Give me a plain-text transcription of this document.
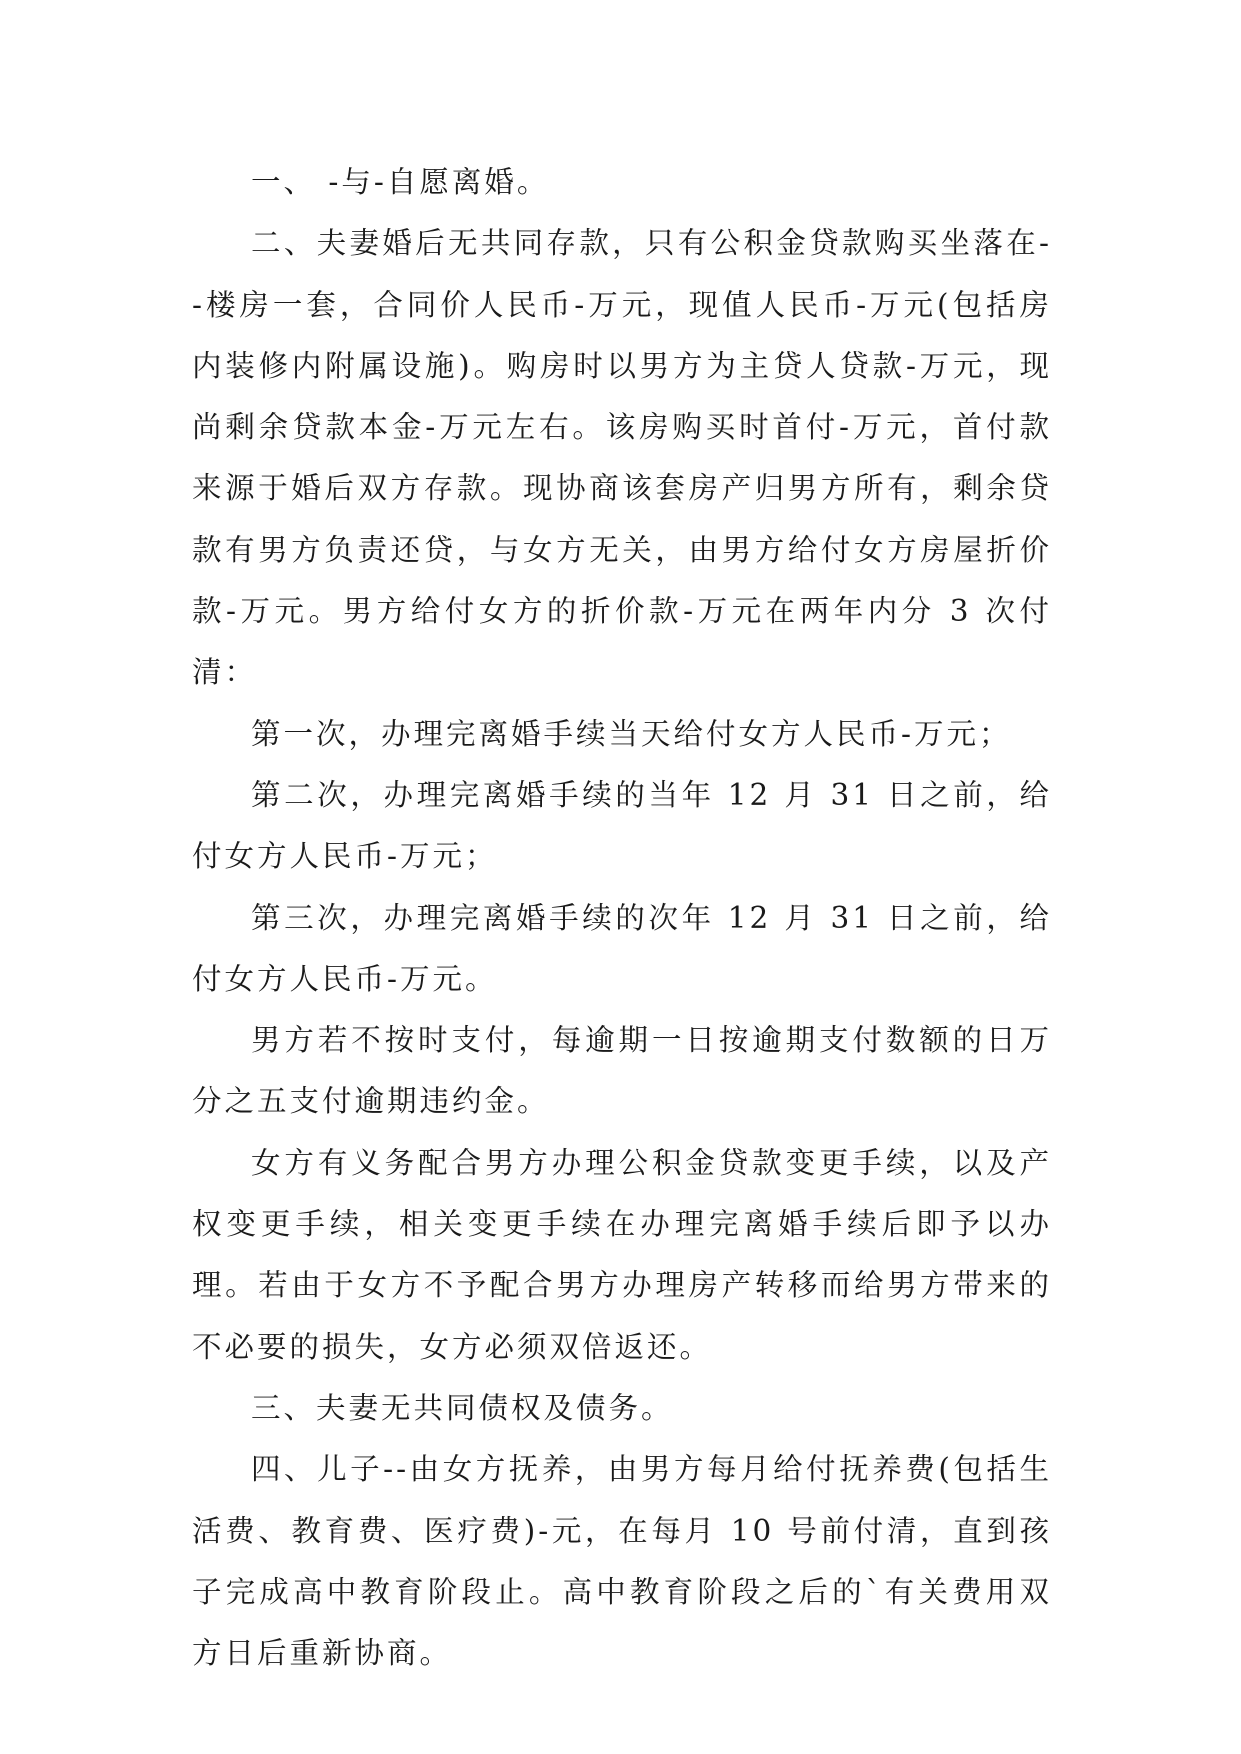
一、 -与-自愿离婚。

二、夫妻婚后无共同存款，只有公积金贷款购买坐落在--楼房一套，合同价人民币-万元，现值人民币-万元(包括房内装修内附属设施)。购房时以男方为主贷人贷款-万元，现尚剩余贷款本金-万元左右。该房购买时首付-万元，首付款来源于婚后双方存款。现协商该套房产归男方所有，剩余贷款有男方负责还贷，与女方无关，由男方给付女方房屋折价款-万元。男方给付女方的折价款-万元在两年内分 3 次付清：

第一次，办理完离婚手续当天给付女方人民币-万元；

第二次，办理完离婚手续的当年 12 月 31 日之前，给付女方人民币-万元；

第三次，办理完离婚手续的次年 12 月 31 日之前，给付女方人民币-万元。

男方若不按时支付，每逾期一日按逾期支付数额的日万分之五支付逾期违约金。

女方有义务配合男方办理公积金贷款变更手续，以及产权变更手续，相关变更手续在办理完离婚手续后即予以办理。若由于女方不予配合男方办理房产转移而给男方带来的不必要的损失，女方必须双倍返还。

三、夫妻无共同债权及债务。

四、儿子--由女方抚养，由男方每月给付抚养费(包括生活费、教育费、医疗费)-元，在每月 10 号前付清，直到孩子完成高中教育阶段止。高中教育阶段之后的`有关费用双方日后重新协商。
